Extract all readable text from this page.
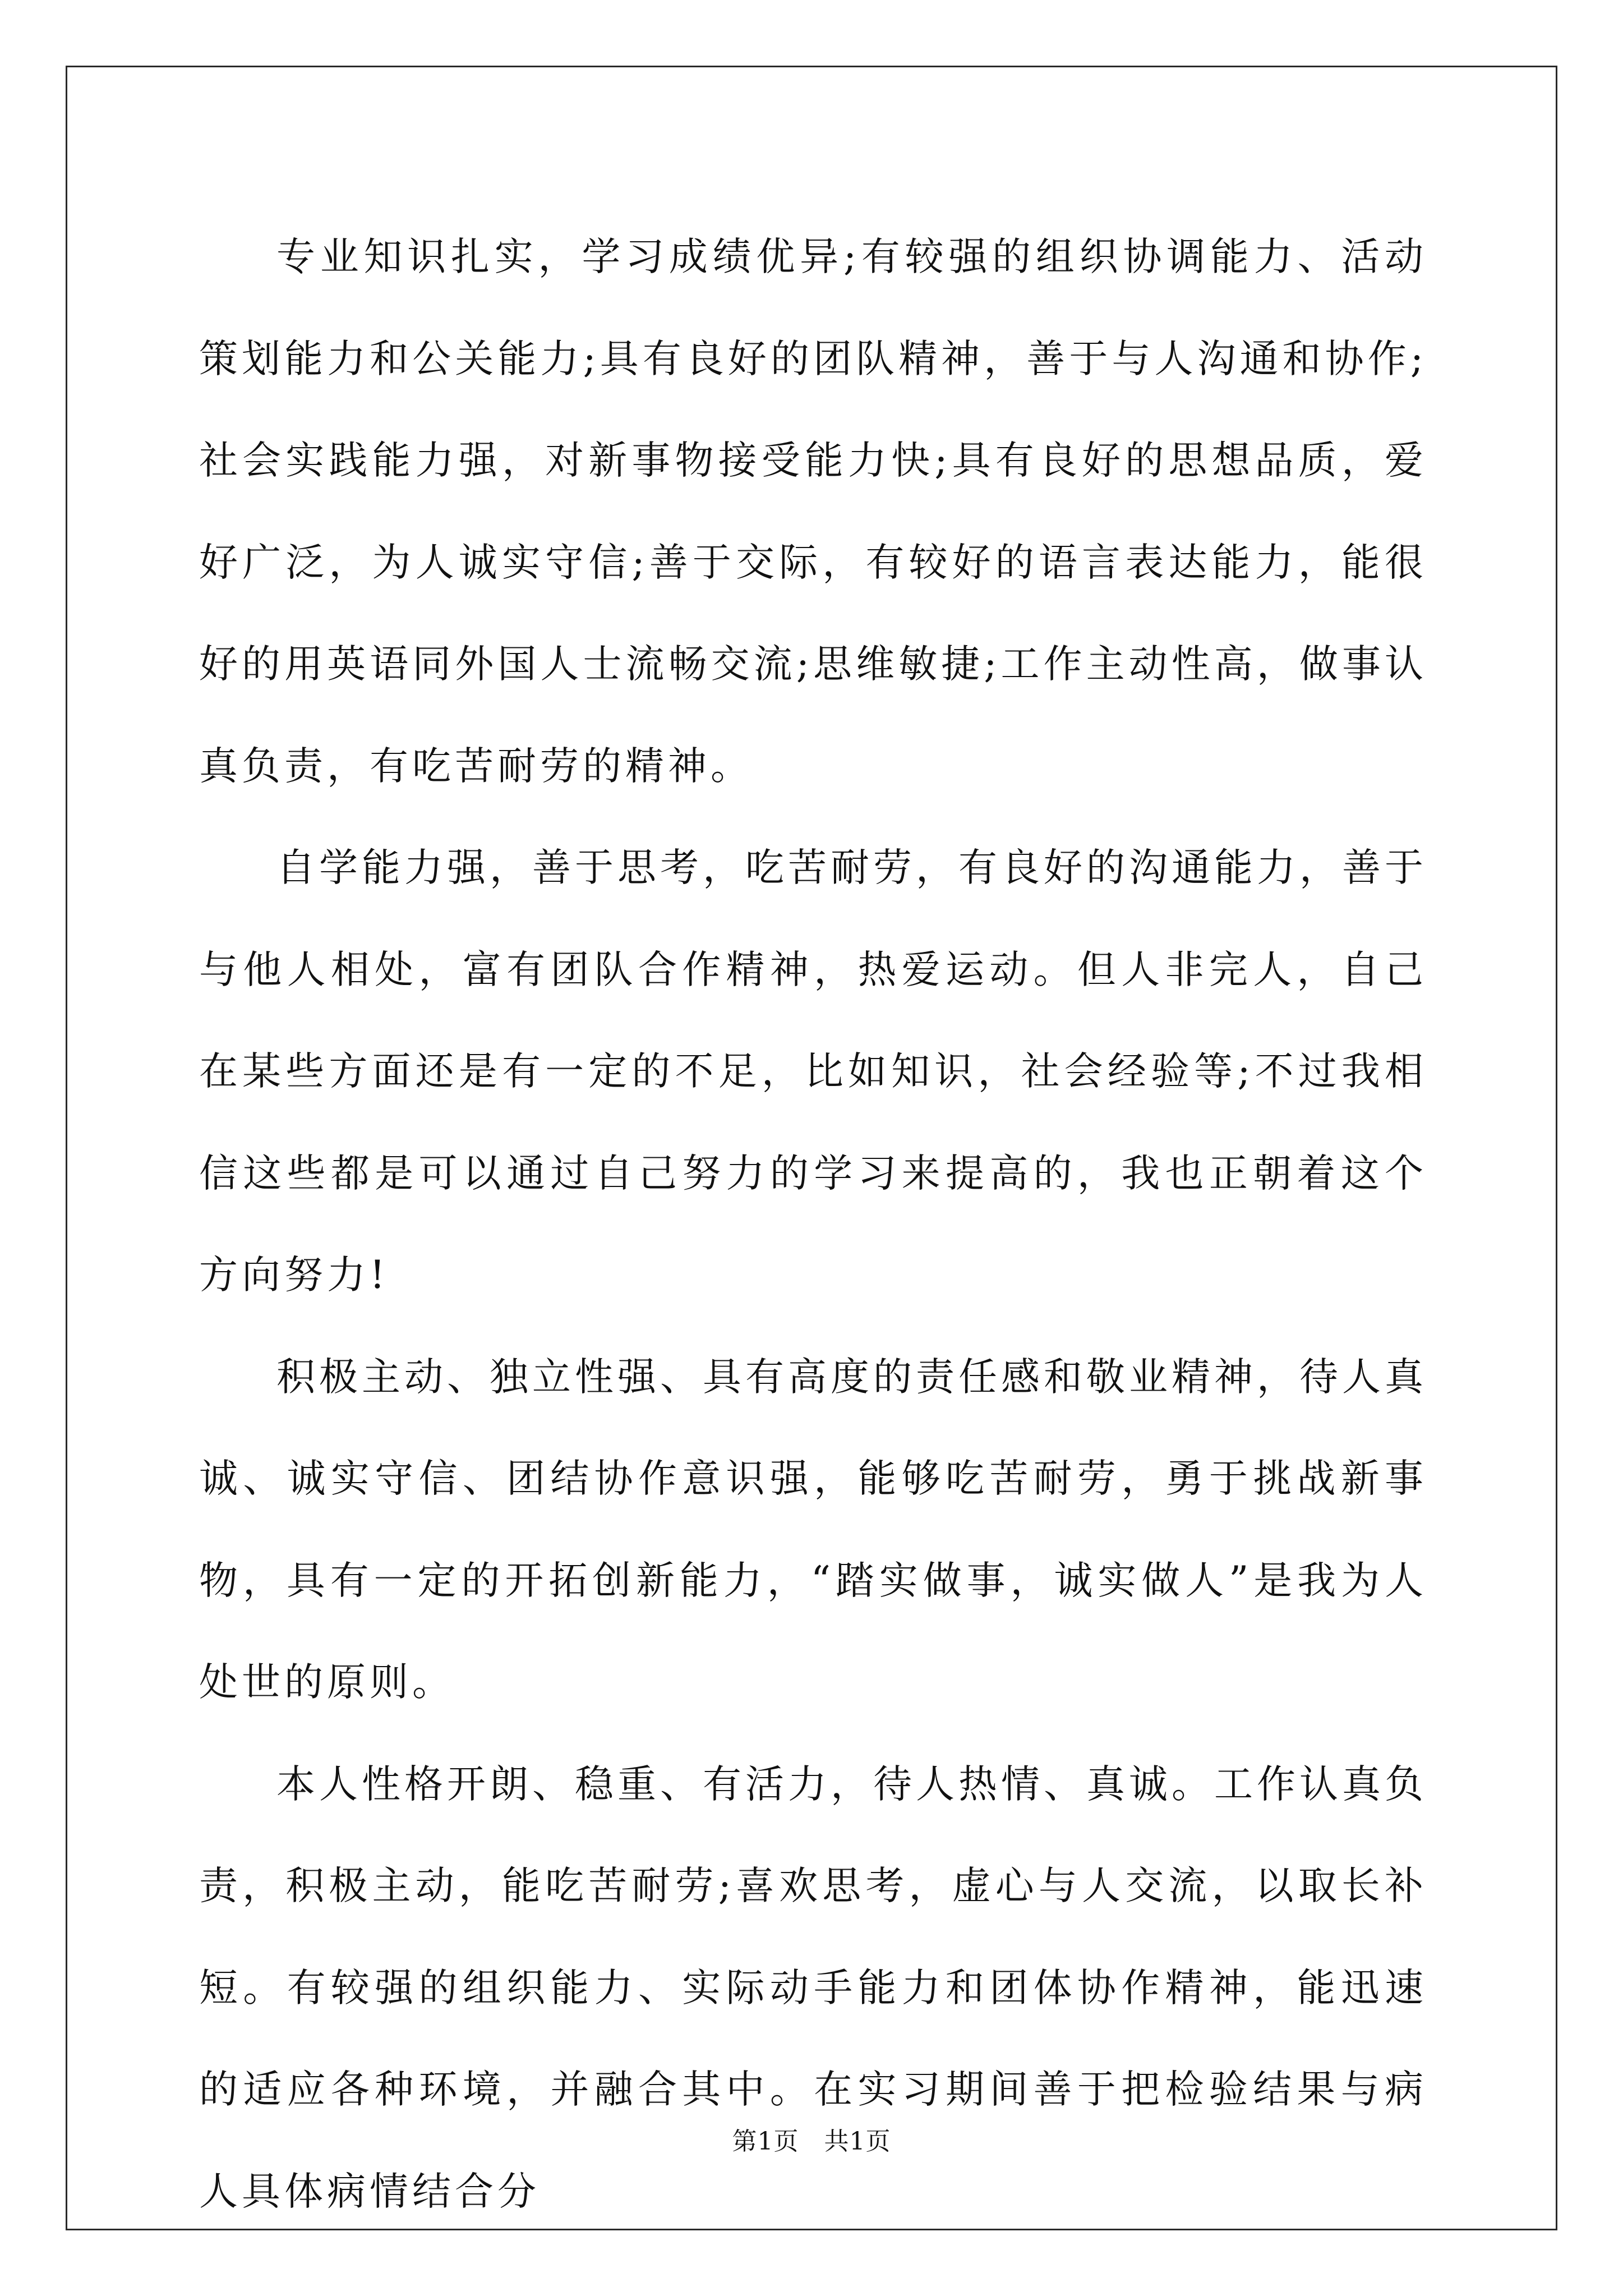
专业知识扎实，学习成绩优异;有较强的组织协调能力、活动策划能力和公关能力;具有良好的团队精神，善于与人沟通和协作;社会实践能力强，对新事物接受能力快;具有良好的思想品质，爱好广泛，为人诚实守信;善于交际，有较好的语言表达能力，能很好的用英语同外国人士流畅交流;思维敏捷;工作主动性高，做事认真负责，有吃苦耐劳的精神。

自学能力强，善于思考，吃苦耐劳，有良好的沟通能力，善于与他人相处，富有团队合作精神，热爱运动。但人非完人，自己在某些方面还是有一定的不足，比如知识，社会经验等;不过我相信这些都是可以通过自己努力的学习来提高的，我也正朝着这个方向努力!

积极主动、独立性强、具有高度的责任感和敬业精神，待人真诚、诚实守信、团结协作意识强，能够吃苦耐劳，勇于挑战新事物，具有一定的开拓创新能力，“踏实做事，诚实做人”是我为人处世的原则。

本人性格开朗、稳重、有活力，待人热情、真诚。工作认真负责，积极主动，能吃苦耐劳;喜欢思考，虚心与人交流，以取长补短。有较强的组织能力、实际动手能力和团体协作精神，能迅速的适应各种环境，并融合其中。在实习期间善于把检验结果与病人具体病情结合分

第1页   共1页
